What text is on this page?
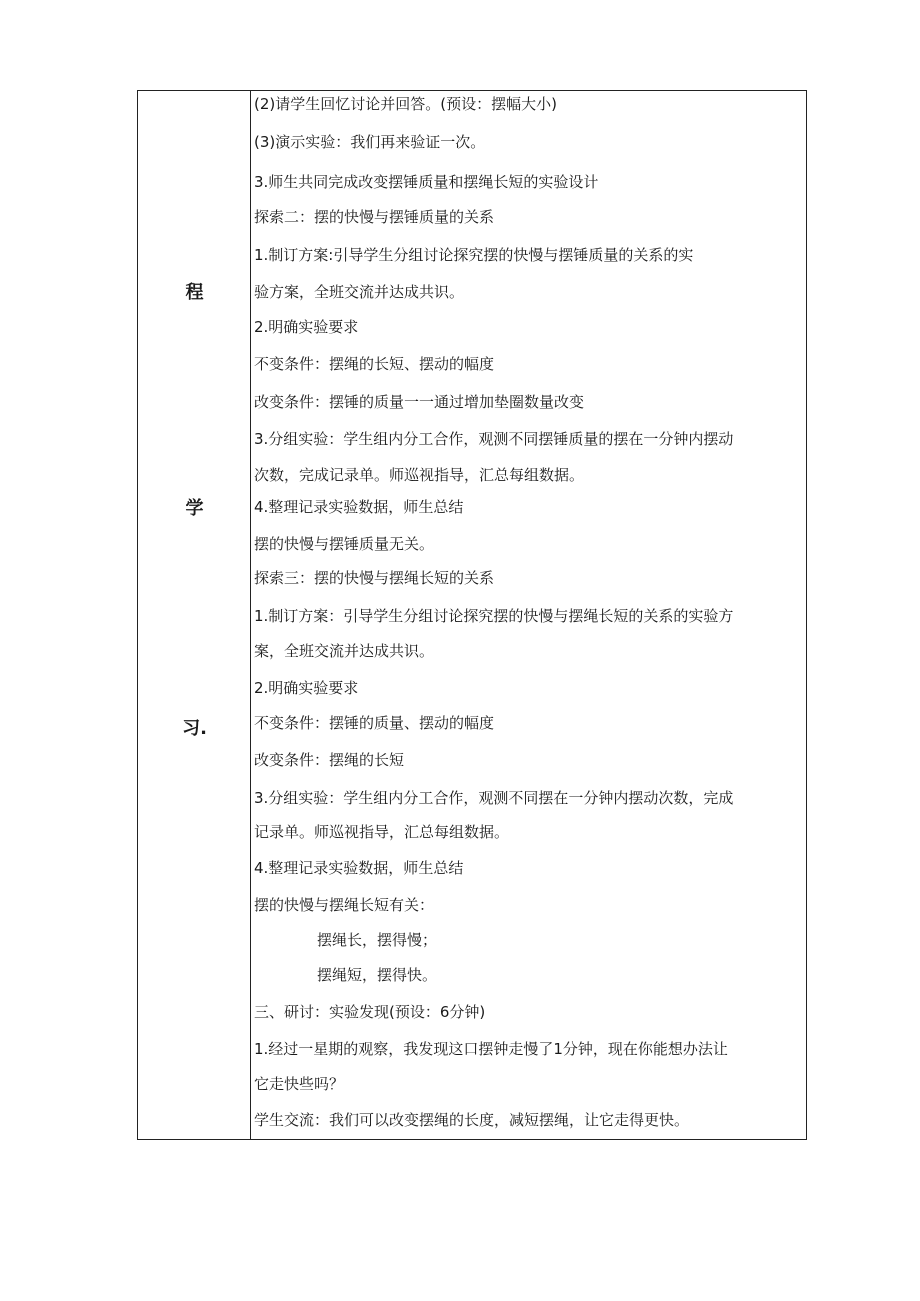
程
学
习.
(2)请学生回忆讨论并回答。(预设：摆幅大小)
(3)演示实验：我们再来验证一次。
3.师生共同完成改变摆锤质量和摆绳长短的实验设计
探索二：摆的快慢与摆锤质量的关系
1.制订方案:引导学生分组讨论探究摆的快慢与摆锤质量的关系的实
验方案，全班交流并达成共识。
2.明确实验要求
不变条件：摆绳的长短、摆动的幅度
改变条件：摆锤的质量一一通过增加垫圈数量改变
3.分组实验：学生组内分工合作，观测不同摆锤质量的摆在一分钟内摆动
次数，完成记录单。师巡视指导，汇总每组数据。
4.整理记录实验数据，师生总结
摆的快慢与摆锤质量无关。
探索三：摆的快慢与摆绳长短的关系
1.制订方案：引导学生分组讨论探究摆的快慢与摆绳长短的关系的实验方
案，全班交流并达成共识。
2.明确实验要求
不变条件：摆锤的质量、摆动的幅度
改变条件：摆绳的长短
3.分组实验：学生组内分工合作，观测不同摆在一分钟内摆动次数，完成
记录单。师巡视指导，汇总每组数据。
4.整理记录实验数据，师生总结
摆的快慢与摆绳长短有关：
摆绳长，摆得慢；
摆绳短，摆得快。
三、研讨：实验发现(预设：6分钟)
1.经过一星期的观察，我发现这口摆钟走慢了1分钟，现在你能想办法让
它走快些吗？
学生交流：我们可以改变摆绳的长度，减短摆绳，让它走得更快。
